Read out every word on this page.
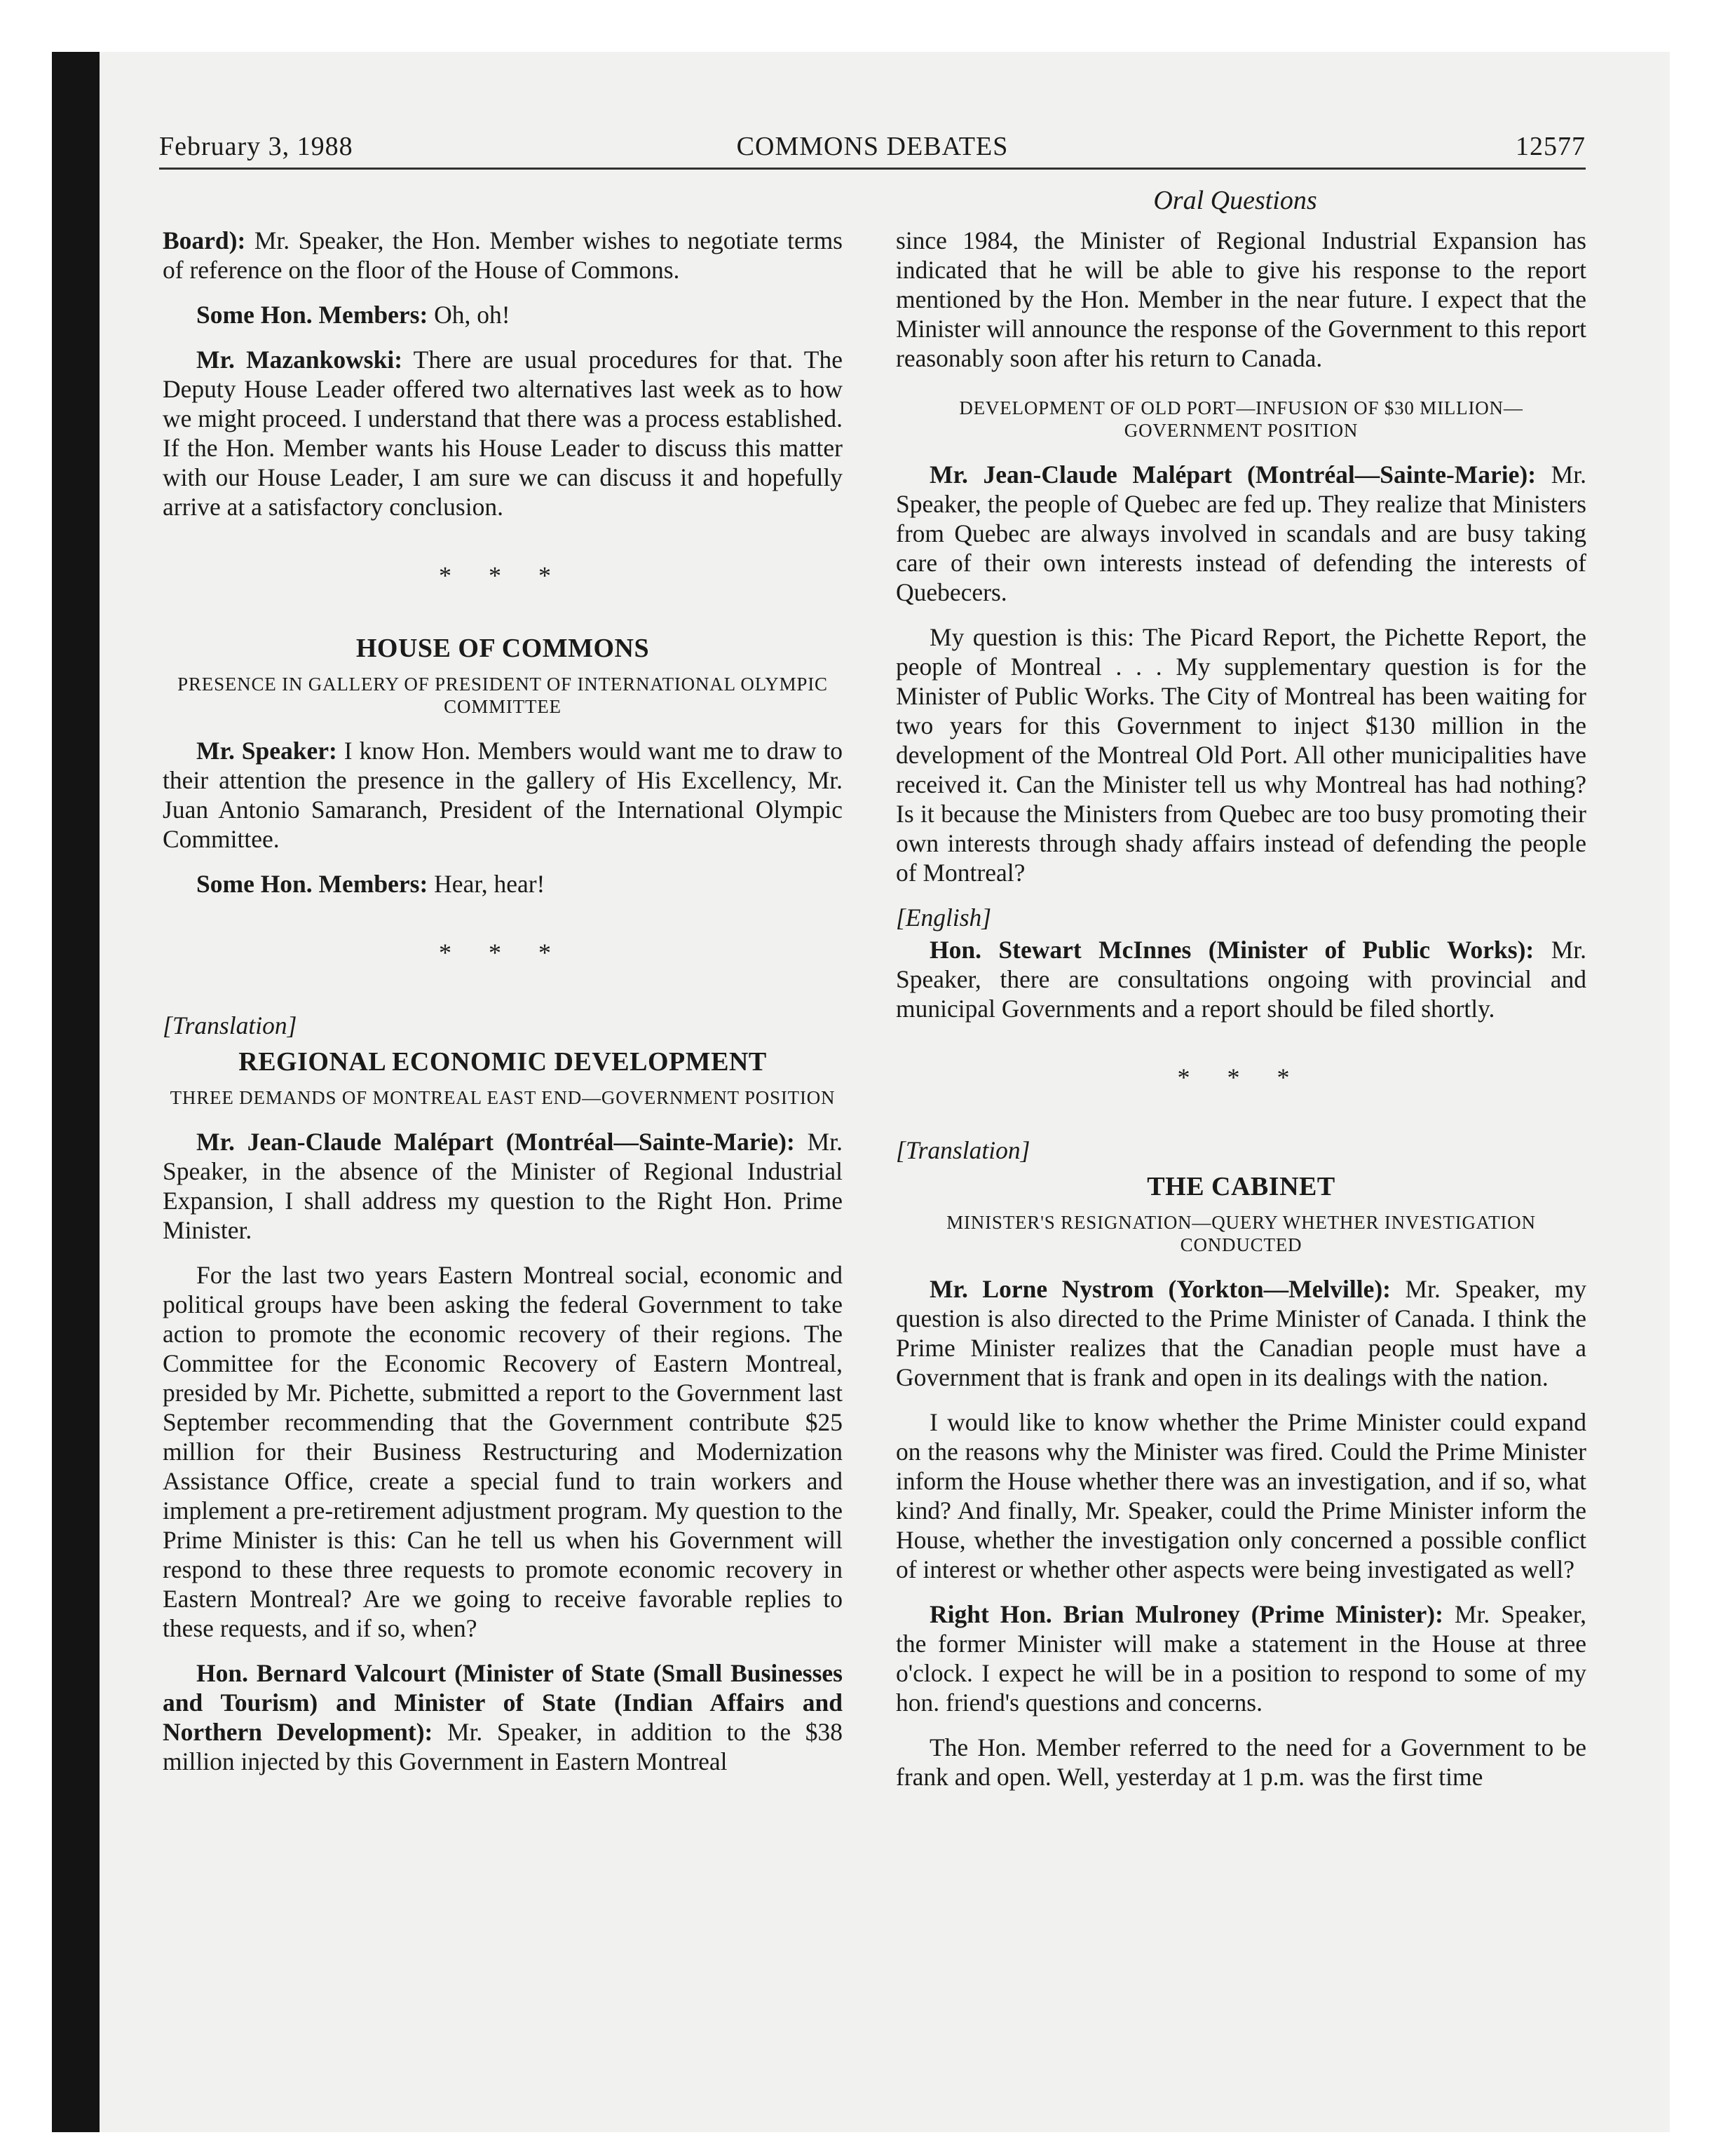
February 3, 1988	COMMONS DEBATES	12577
Oral Questions

Board): Mr. Speaker, the Hon. Member wishes to negotiate terms of reference on the floor of the House of Commons.

Some Hon. Members: Oh, oh!

Mr. Mazankowski: There are usual procedures for that. The Deputy House Leader offered two alternatives last week as to how we might proceed. I understand that there was a process established. If the Hon. Member wants his House Leader to discuss this matter with our House Leader, I am sure we can discuss it and hopefully arrive at a satisfactory conclusion.

* * *
HOUSE OF COMMONS
PRESENCE IN GALLERY OF PRESIDENT OF INTERNATIONAL OLYMPIC COMMITTEE

Mr. Speaker: I know Hon. Members would want me to draw to their attention the presence in the gallery of His Excellency, Mr. Juan Antonio Samaranch, President of the International Olympic Committee.

Some Hon. Members: Hear, hear!

* * *
[Translation]
REGIONAL ECONOMIC DEVELOPMENT
THREE DEMANDS OF MONTREAL EAST END—GOVERNMENT POSITION

Mr. Jean-Claude Malépart (Montréal—Sainte-Marie): Mr. Speaker, in the absence of the Minister of Regional Industrial Expansion, I shall address my question to the Right Hon. Prime Minister.

For the last two years Eastern Montreal social, economic and political groups have been asking the federal Government to take action to promote the economic recovery of their regions. The Committee for the Economic Recovery of Eastern Montreal, presided by Mr. Pichette, submitted a report to the Government last September recommending that the Government contribute $25 million for their Business Restructuring and Modernization Assistance Office, create a special fund to train workers and implement a pre-retirement adjustment program. My question to the Prime Minister is this: Can he tell us when his Government will respond to these three requests to promote economic recovery in Eastern Montreal? Are we going to receive favorable replies to these requests, and if so, when?

Hon. Bernard Valcourt (Minister of State (Small Businesses and Tourism) and Minister of State (Indian Affairs and Northern Development): Mr. Speaker, in addition to the $38 million injected by this Government in Eastern Montreal

since 1984, the Minister of Regional Industrial Expansion has indicated that he will be able to give his response to the report mentioned by the Hon. Member in the near future. I expect that the Minister will announce the response of the Government to this report reasonably soon after his return to Canada.

DEVELOPMENT OF OLD PORT—INFUSION OF $30 MILLION—GOVERNMENT POSITION

Mr. Jean-Claude Malépart (Montréal—Sainte-Marie): Mr. Speaker, the people of Quebec are fed up. They realize that Ministers from Quebec are always involved in scandals and are busy taking care of their own interests instead of defending the interests of Quebecers.

My question is this: The Picard Report, the Pichette Report, the people of Montreal . . . My supplementary question is for the Minister of Public Works. The City of Montreal has been waiting for two years for this Government to inject $130 million in the development of the Montreal Old Port. All other municipalities have received it. Can the Minister tell us why Montreal has had nothing? Is it because the Ministers from Quebec are too busy promoting their own interests through shady affairs instead of defending the people of Montreal?

[English]

Hon. Stewart McInnes (Minister of Public Works): Mr. Speaker, there are consultations ongoing with provincial and municipal Governments and a report should be filed shortly.

* * *
[Translation]
THE CABINET
MINISTER'S RESIGNATION—QUERY WHETHER INVESTIGATION CONDUCTED

Mr. Lorne Nystrom (Yorkton—Melville): Mr. Speaker, my question is also directed to the Prime Minister of Canada. I think the Prime Minister realizes that the Canadian people must have a Government that is frank and open in its dealings with the nation.

I would like to know whether the Prime Minister could expand on the reasons why the Minister was fired. Could the Prime Minister inform the House whether there was an investigation, and if so, what kind? And finally, Mr. Speaker, could the Prime Minister inform the House, whether the investigation only concerned a possible conflict of interest or whether other aspects were being investigated as well?

Right Hon. Brian Mulroney (Prime Minister): Mr. Speaker, the former Minister will make a statement in the House at three o'clock. I expect he will be in a position to respond to some of my hon. friend's questions and concerns.

The Hon. Member referred to the need for a Government to be frank and open. Well, yesterday at 1 p.m. was the first time
